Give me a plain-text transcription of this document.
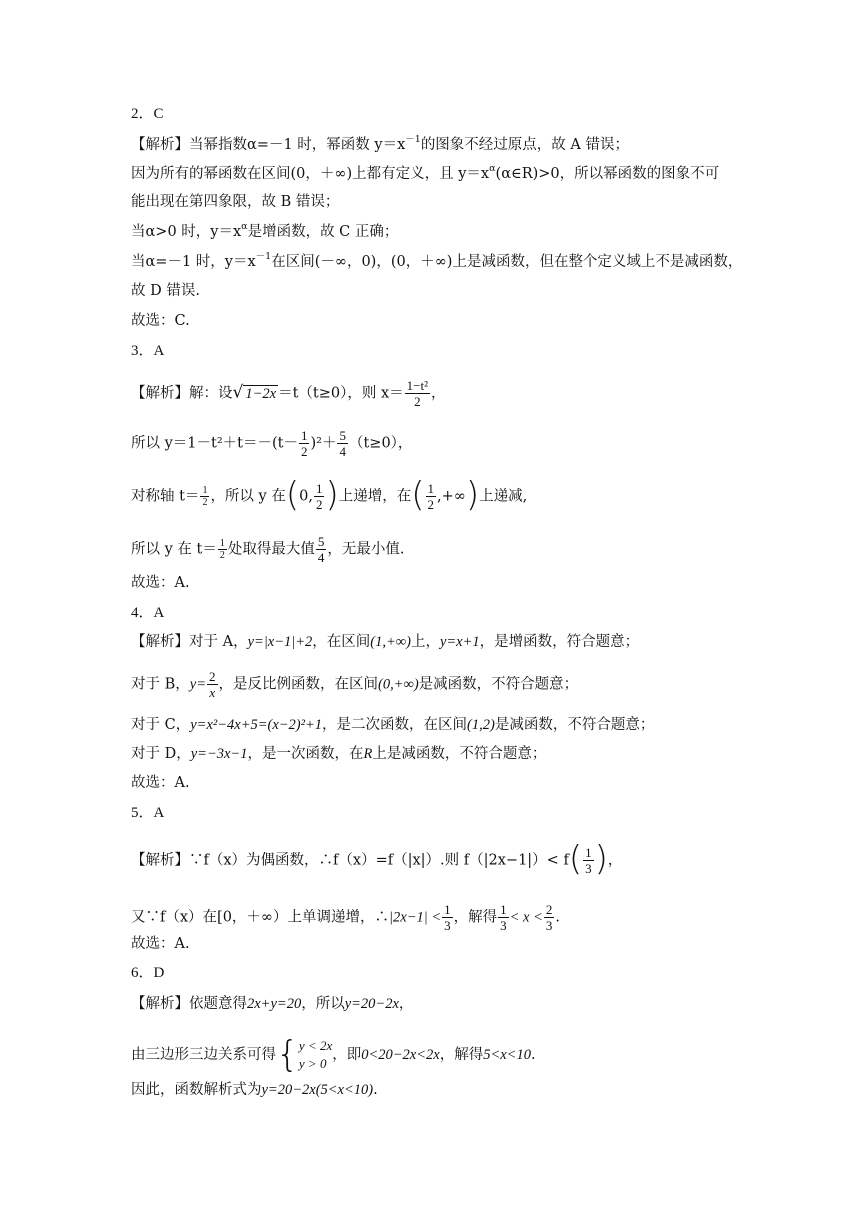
2．C
【解析】当幂指数α=－1 时，幂函数 $y=x^{-1}$的图象不经过原点，故 A 错误；
因为所有的幂函数在区间(0，＋∞)上都有定义，且 $y=x^\alpha(\alpha\in R)>0$，所以幂函数的图象不可
能出现在第四象限，故 B 错误；
当α>0 时，$y=x^\alpha$是增函数，故 C 正确；
当α=－1 时，$y=x^{-1}$在区间(－∞，0)，(0，＋∞)上是减函数，但在整个定义域上不是减函数，
故 D 错误.
故选：C.
3．A
【解析】解：设√ 1−2x ＝t（t≥0），则 $x= \frac{\text{1−t²}}{2}$ ，
所以 $y=1-t^2+t=-(t- \frac{1}{2} )^2+ \frac{5}{4} (t\ge 0)$，
对称轴 $t= \frac{1}{2}$ ，所以 y 在(0, $\frac{1}{2}$ )上递增，在( $\frac{1}{2}$ ,+∞)上递减,
所以 y 在 $t= \frac{1}{2}$ 处取得最大值 $\frac{5}{4}$ ，无最小值.
故选：A.
4．A
【解析】对于 A，y=|x−1|+2，在区间(1,+∞)上，y=x+1，是增函数，符合题意；
对于 B，$y= \frac{2}{x}$ ，是反比例函数，在区间(0,+∞)是减函数，不符合题意；
对于 C，y=x²−4x+5=(x−2)²+1，是二次函数，在区间(1,2)是减函数，不符合题意；
对于 D，y=−3x−1，是一次函数，在R上是减函数，不符合题意；
故选：A.
5．A
【解析】∵f（x）为偶函数，∴f（x）=f（|x|）.则 $f(|2x-1|)< f( \frac{1}{3}$ )，
又∵f（x）在[0，＋∞）上单调递增，∴|2x−1| < $\frac{1}{3}$ ，解得 $\frac{1}{3} < x < \frac{2}{3}$ .
故选：A.
6．D
【解析】依题意得2x+y=20，所以y=20−2x，
由三边形三边关系可得{ y < 2x
y > 0
，即0<20−2x<2x，解得5<x<10.
因此，函数解析式为y=20−2x(5<x<10).
